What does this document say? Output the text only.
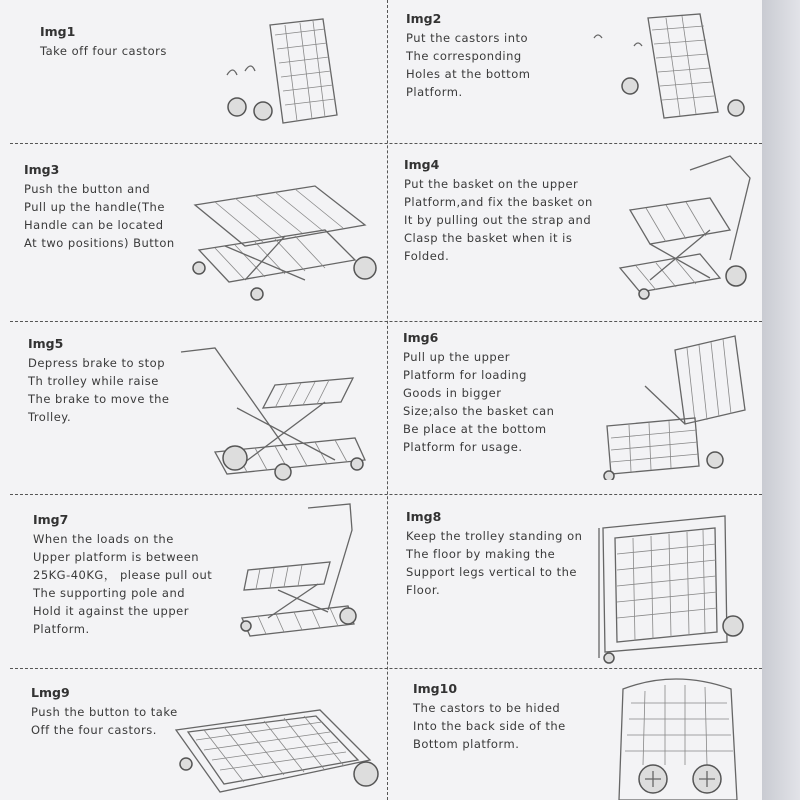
Img1
Take off four castors
Img2
Put the castors into
The corresponding
Holes at the bottom
Platform.
Img3
Push the button and
Pull up the handle(The
Handle can be located
At two positions) Button
Img4
Put the basket on the upper
Platform,and fix the basket on
It by pulling out the strap and
Clasp the basket when it is
Folded.
Img5
Depress brake to stop
Th trolley while raise
The brake to move the
Trolley.
Img6
Pull up the upper
Platform for loading
Goods in bigger
Size;also the basket can
Be place at the bottom
Platform for usage.
Img7
When the loads on the
Upper platform is between
25KG-40KG， please pull out
The supporting pole and
Hold it against the upper
Platform.
Img8
Keep the trolley standing on
The floor by making the
Support legs vertical to the
Floor.
Lmg9
Push the button to take
Off the four castors.
Img10
The castors to be hided
Into the back side of the
Bottom platform.
